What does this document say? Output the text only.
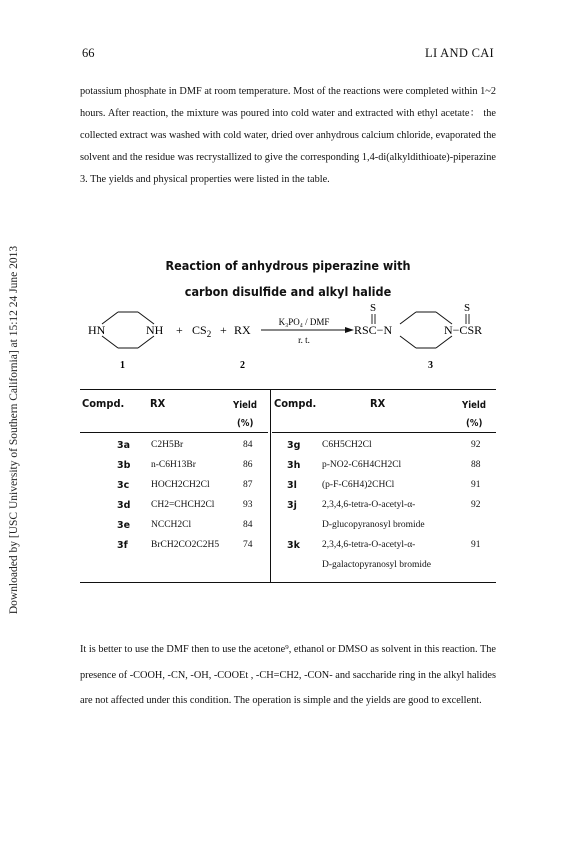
Downloaded by [USC University of Southern California] at 15:12 24 June 2013
66	LI AND CAI
potassium phosphate in DMF at room temperature. Most of the reactions were completed within 1~2 hours. After reaction, the mixture was poured into cold water and extracted with ethyl acetate： the collected extract was washed with cold water, dried over anhydrous calcium chloride, evaporated the solvent and the residue was recrystallized to give the corresponding 1,4-di(alkyldithioate)-piperazine 3. The yields and physical properties were listed in the table.
Reaction of anhydrous piperazine with
carbon disulfide and alkyl halide
HN	NH + $CS_2$ + RX
K₃PO₄ / DMF
r. t.
RSC−N
S
N−CSR
S
1	2	3
Compd. RX	Yield
(%)
Compd.	RX	Yield
(%)
3a C2H5Br	84
3b n-C6H13Br	86
3c HOCH2CH2Cl	87
3d CH2=CHCH2Cl	93
3e NCCH2Cl	84
3f BrCH2CO2C2H5	74
3g C6H5CH2Cl	92
3h p-NO2-C6H4CH2Cl	88
3l	(p-F-C6H4)2CHCl	91
3j	2,3,4,6-tetra-O-acetyl-α-	92
D-glucopyranosyl bromide
3k 2,3,4,6-tetra-O-acetyl-α-	91
D-galactopyranosyl bromide
It is better to use the DMF then to use the acetone⁹, ethanol or DMSO as solvent in this reaction. The presence of -COOH, -CN, -OH, -COOEt , -CH=CH2, -CON- and saccharide ring in the alkyl halides are not affected under this condition. The operation is simple and the yields are good to excellent.
